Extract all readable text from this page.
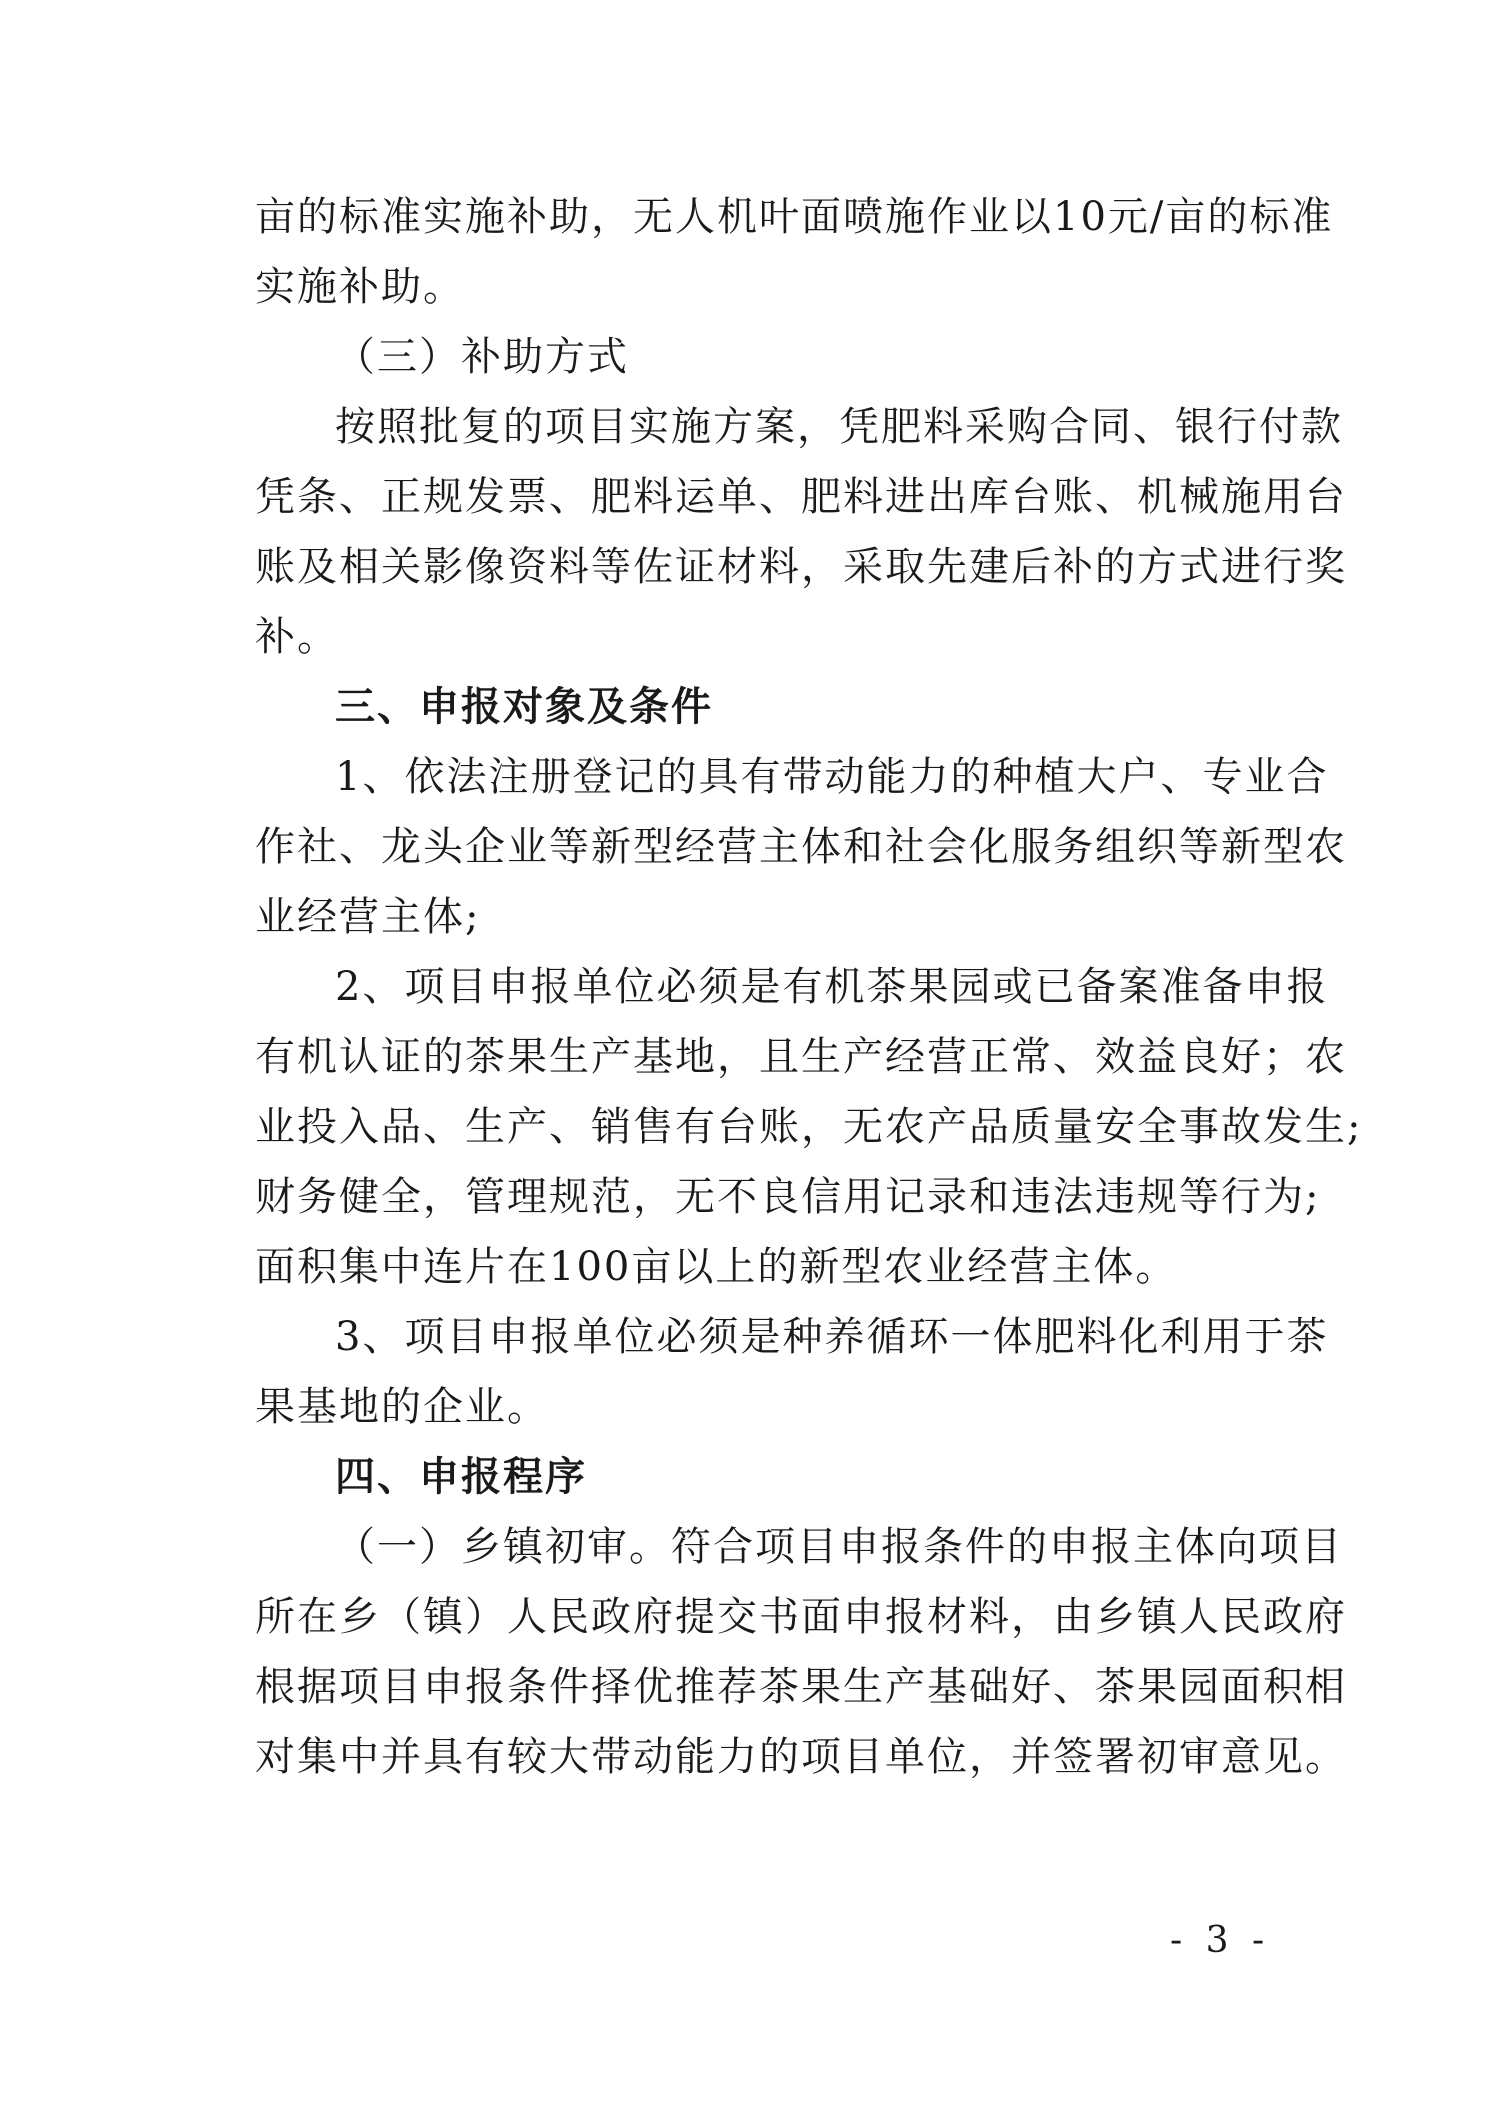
亩的标准实施补助，无人机叶面喷施作业以10元/亩的标准
实施补助。
（三）补助方式
按照批复的项目实施方案，凭肥料采购合同、银行付款
凭条、正规发票、肥料运单、肥料进出库台账、机械施用台
账及相关影像资料等佐证材料，采取先建后补的方式进行奖
补。
三、申报对象及条件
1、依法注册登记的具有带动能力的种植大户、专业合
作社、龙头企业等新型经营主体和社会化服务组织等新型农
业经营主体;
2、项目申报单位必须是有机茶果园或已备案准备申报
有机认证的茶果生产基地，且生产经营正常、效益良好；农
业投入品、生产、销售有台账，无农产品质量安全事故发生;
财务健全，管理规范，无不良信用记录和违法违规等行为;
面积集中连片在100亩以上的新型农业经营主体。
3、项目申报单位必须是种养循环一体肥料化利用于茶
果基地的企业。
四、申报程序
（一）乡镇初审。符合项目申报条件的申报主体向项目
所在乡（镇）人民政府提交书面申报材料，由乡镇人民政府
根据项目申报条件择优推荐茶果生产基础好、茶果园面积相
对集中并具有较大带动能力的项目单位，并签署初审意见。
- 3 -
